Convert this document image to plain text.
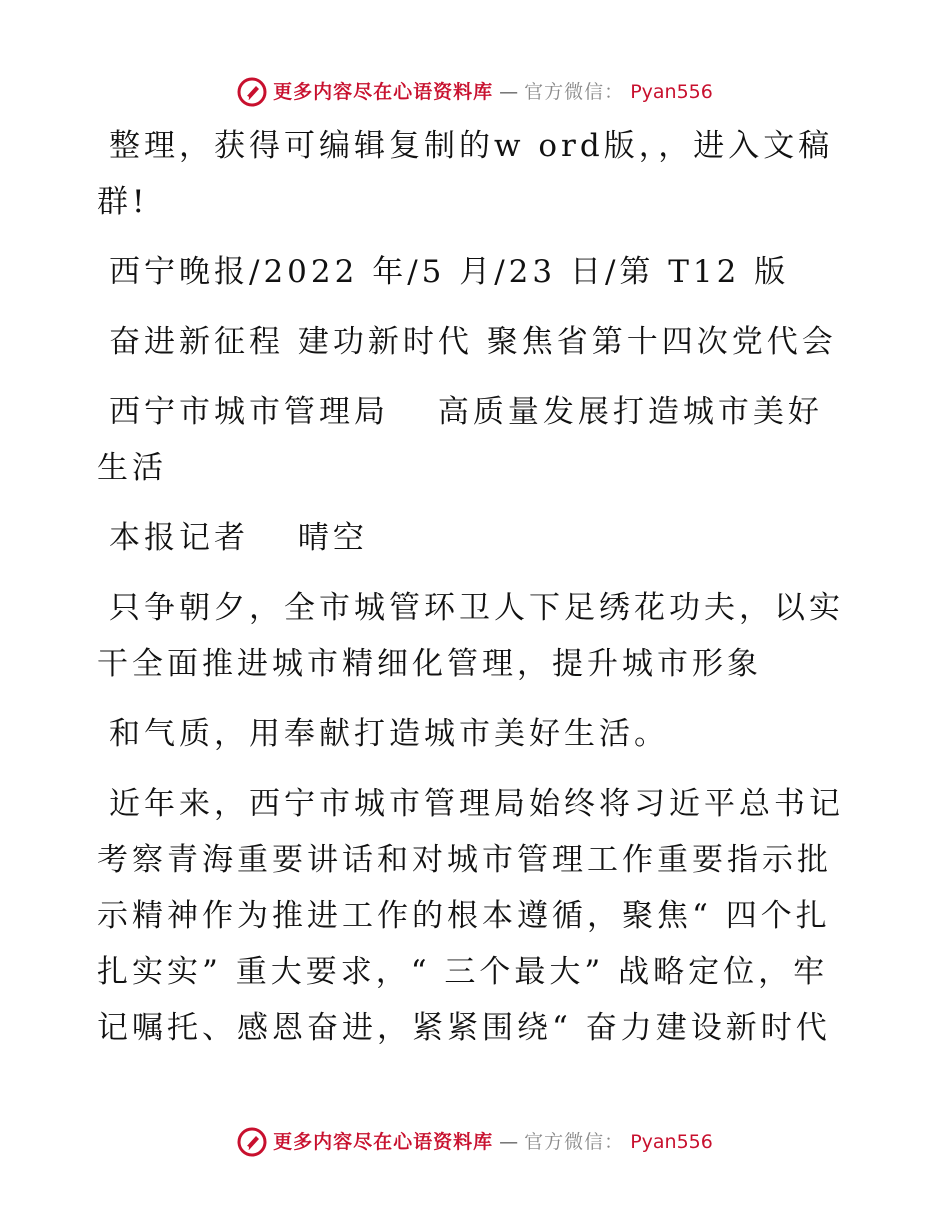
更多内容尽在心语资料库 — 官方微信： Pyan556

整理，获得可编辑复制的w ord版，，进入文稿群!

西宁晚报/2022 年/5 月/23 日/第 T12 版

奋进新征程 建功新时代 聚焦省第十四次党代会

西宁市城市管理局　 高质量发展打造城市美好生活

本报记者　 晴空

只争朝夕，全市城管环卫人下足绣花功夫，以实干全面推进城市精细化管理，提升城市形象

和气质，用奉献打造城市美好生活。

近年来，西宁市城市管理局始终将习近平总书记考察青海重要讲话和对城市管理工作重要指示批示精神作为推进工作的根本遵循，聚焦“ 四个扎扎实实” 重大要求，“ 三个最大” 战略定位，牢记嘱托、感恩奋进，紧紧围绕“ 奋力建设新时代

更多内容尽在心语资料库 — 官方微信： Pyan556
